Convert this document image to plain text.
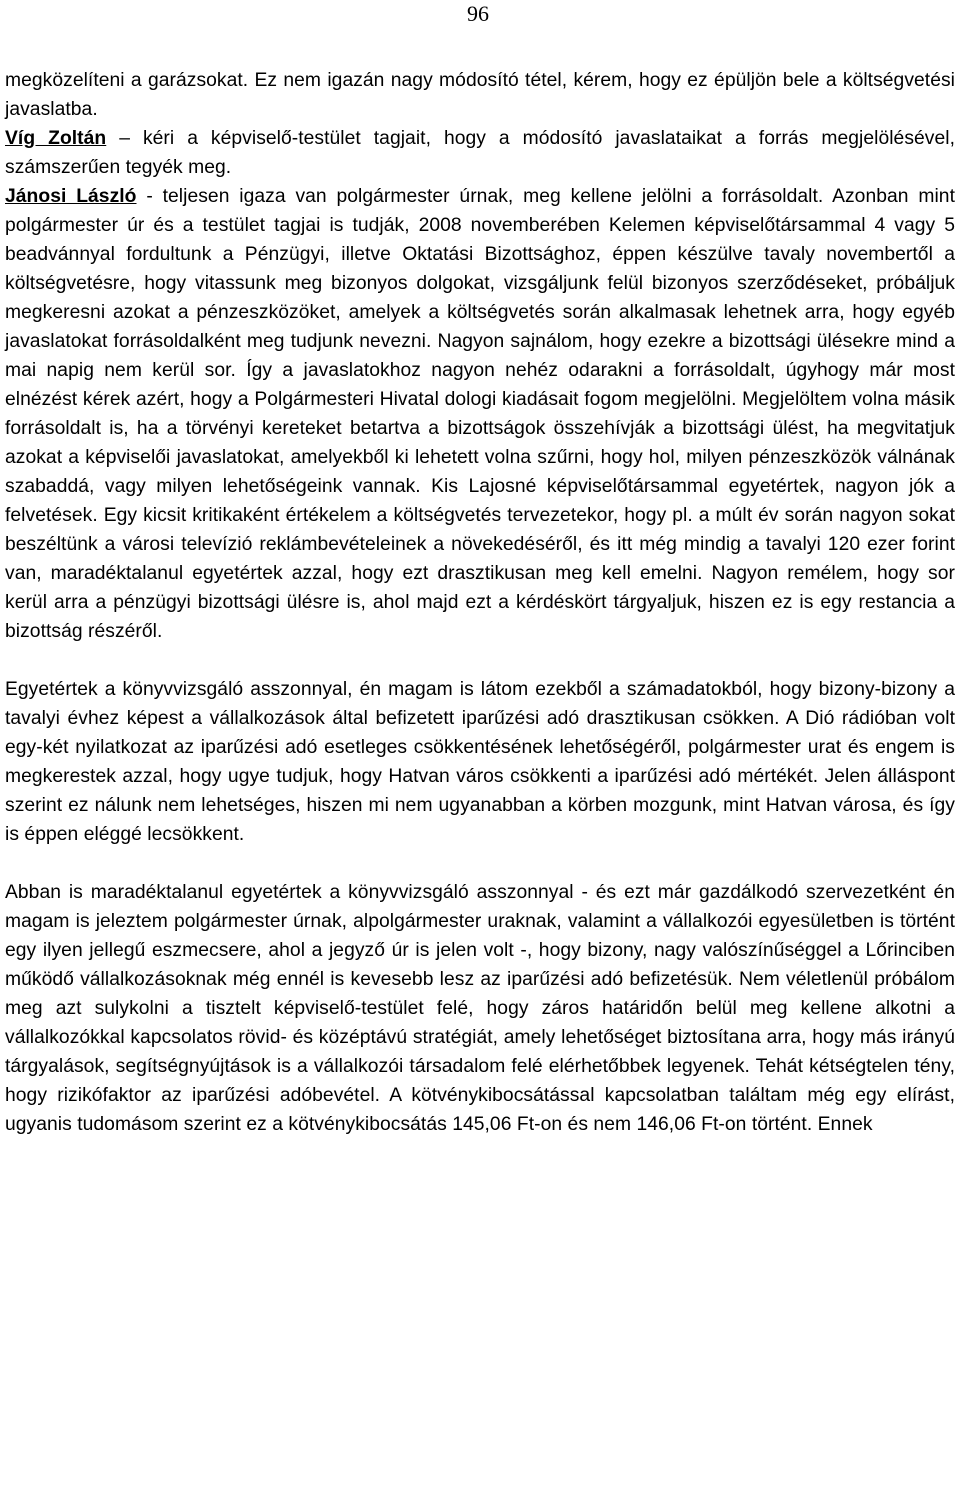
96

megközelíteni a garázsokat. Ez nem igazán nagy módosító tétel, kérem, hogy ez épüljön bele a költségvetési javaslatba.

Víg Zoltán – kéri a képviselő-testület tagjait, hogy a módosító javaslataikat a forrás megjelölésével, számszerűen tegyék meg.

Jánosi László - teljesen igaza van polgármester úrnak, meg kellene jelölni a forrásoldalt. Azonban mint polgármester úr és a testület tagjai is tudják, 2008 novemberében Kelemen képviselőtársammal 4 vagy 5 beadvánnyal fordultunk a Pénzügyi, illetve Oktatási Bizottsághoz, éppen készülve tavaly novembertől a költségvetésre, hogy vitassunk meg bizonyos dolgokat, vizsgáljunk felül bizonyos szerződéseket, próbáljuk megkeresni azokat a pénzeszközöket, amelyek a költségvetés során alkalmasak lehetnek arra, hogy egyéb javaslatokat forrásoldalként meg tudjunk nevezni. Nagyon sajnálom, hogy ezekre a bizottsági ülésekre mind a mai napig nem kerül sor. Így a javaslatokhoz nagyon nehéz odarakni a forrásoldalt, úgyhogy már most elnézést kérek azért, hogy a Polgármesteri Hivatal dologi kiadásait fogom megjelölni. Megjelöltem volna másik forrásoldalt is, ha a törvényi kereteket betartva a bizottságok összehívják a bizottsági ülést, ha megvitatjuk azokat a képviselői javaslatokat, amelyekből ki lehetett volna szűrni, hogy hol, milyen pénzeszközök válnának szabaddá, vagy milyen lehetőségeink vannak. Kis Lajosné képviselőtársammal egyetértek, nagyon jók a felvetések. Egy kicsit kritikaként értékelem a költségvetés tervezetekor, hogy pl. a múlt év során nagyon sokat beszéltünk a városi televízió reklámbevételeinek a növekedéséről, és itt még mindig a tavalyi 120 ezer forint van, maradéktalanul egyetértek azzal, hogy ezt drasztikusan meg kell emelni. Nagyon remélem, hogy sor kerül arra a pénzügyi bizottsági ülésre is, ahol majd ezt a kérdéskört tárgyaljuk, hiszen ez is egy restancia a bizottság részéről.

Egyetértek a könyvvizsgáló asszonnyal, én magam is látom ezekből a számadatokból, hogy bizony-bizony a tavalyi évhez képest a vállalkozások által befizetett iparűzési adó drasztikusan csökken. A Dió rádióban volt egy-két nyilatkozat az iparűzési adó esetleges csökkentésének lehetőségéről, polgármester urat és engem is megkerestek azzal, hogy ugye tudjuk, hogy Hatvan város csökkenti a iparűzési adó mértékét. Jelen álláspont szerint ez nálunk nem lehetséges, hiszen mi nem ugyanabban a körben mozgunk, mint Hatvan városa, és így is éppen eléggé lecsökkent.

Abban is maradéktalanul egyetértek a könyvvizsgáló asszonnyal - és ezt már gazdálkodó szervezetként én magam is jeleztem polgármester úrnak, alpolgármester uraknak, valamint a vállalkozói egyesületben is történt egy ilyen jellegű eszmecsere, ahol a jegyző úr is jelen volt -, hogy bizony, nagy valószínűséggel a Lőrinciben működő vállalkozásoknak még ennél is kevesebb lesz az iparűzési adó befizetésük. Nem véletlenül próbálom meg azt sulykolni a tisztelt képviselő-testület felé, hogy záros határidőn belül meg kellene alkotni a vállalkozókkal kapcsolatos rövid- és középtávú stratégiát, amely lehetőséget biztosítana arra, hogy más irányú tárgyalások, segítségnyújtások is a vállalkozói társadalom felé elérhetőbbek legyenek. Tehát kétségtelen tény, hogy rizikófaktor az iparűzési adóbevétel. A kötvénykibocsátással kapcsolatban találtam még egy elírást, ugyanis tudomásom szerint ez a kötvénykibocsátás 145,06 Ft-on és nem 146,06 Ft-on történt. Ennek
